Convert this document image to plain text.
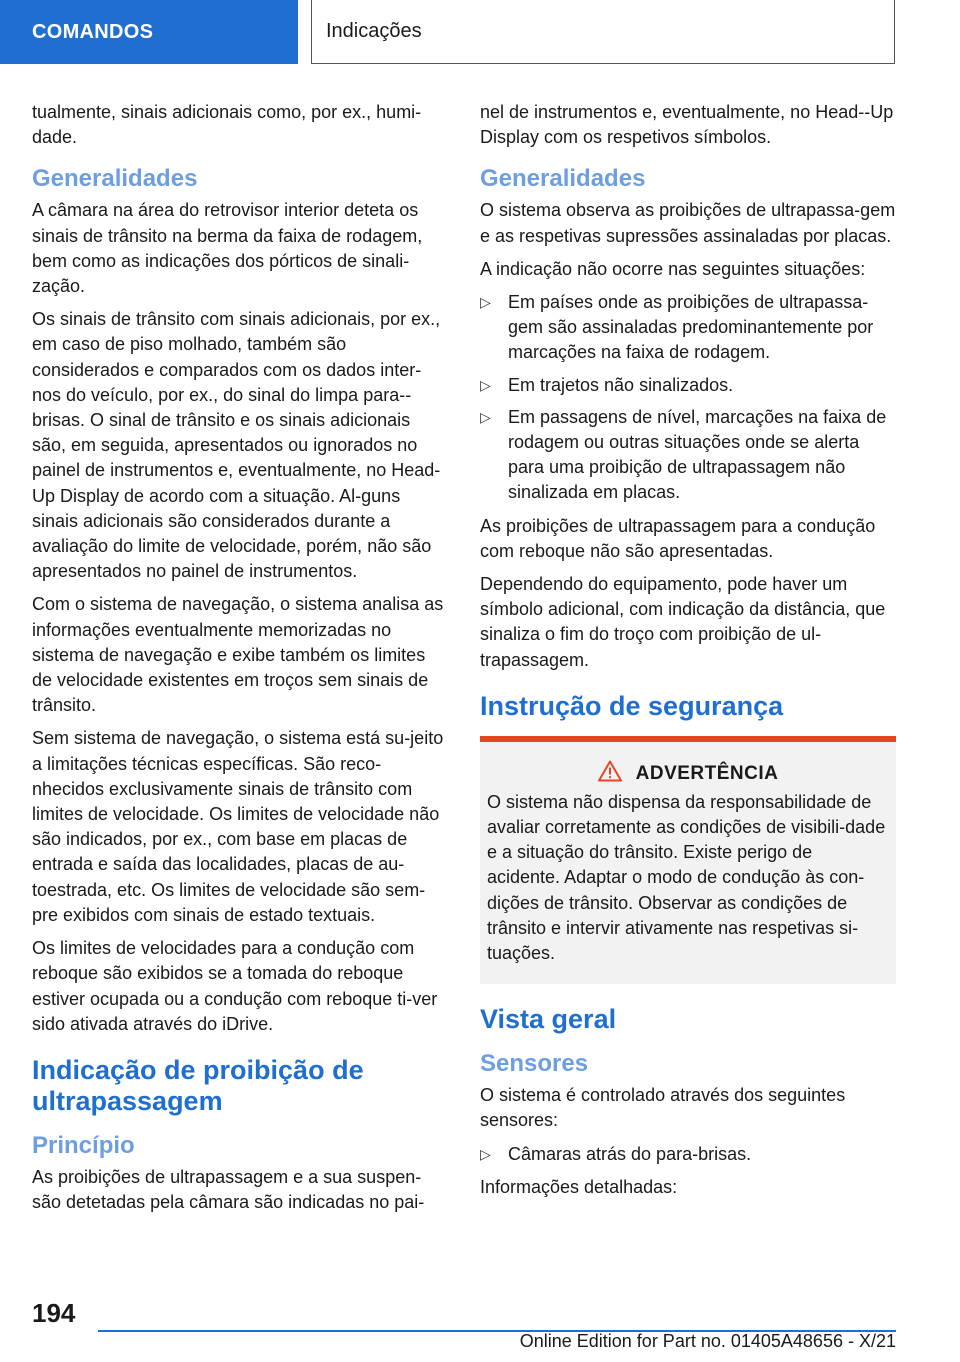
COMANDOS	Indicações

tualmente, sinais adicionais como, por ex., humi-dade.

Generalidades

A câmara na área do retrovisor interior deteta os sinais de trânsito na berma da faixa de rodagem, bem como as indicações dos pórticos de sinali-zação.

Os sinais de trânsito com sinais adicionais, por ex., em caso de piso molhado, também são considerados e comparados com os dados inter-nos do veículo, por ex., do sinal do limpa para--brisas. O sinal de trânsito e os sinais adicionais são, em seguida, apresentados ou ignorados no painel de instrumentos e, eventualmente, no Head-Up Display de acordo com a situação. Al-guns sinais adicionais são considerados durante a avaliação do limite de velocidade, porém, não são apresentados no painel de instrumentos.

Com o sistema de navegação, o sistema analisa as informações eventualmente memorizadas no sistema de navegação e exibe também os limites de velocidade existentes em troços sem sinais de trânsito.

Sem sistema de navegação, o sistema está su-jeito a limitações técnicas específicas. São reco-nhecidos exclusivamente sinais de trânsito com limites de velocidade. Os limites de velocidade não são indicados, por ex., com base em placas de entrada e saída das localidades, placas de au-toestrada, etc. Os limites de velocidade são sem-pre exibidos com sinais de estado textuais.

Os limites de velocidades para a condução com reboque são exibidos se a tomada do reboque estiver ocupada ou a condução com reboque ti-ver sido ativada através do iDrive.

Indicação de proibição de ultrapassagem
Princípio

As proibições de ultrapassagem e a sua suspen-são detetadas pela câmara são indicadas no pai-

nel de instrumentos e, eventualmente, no Head--Up Display com os respetivos símbolos.

Generalidades

O sistema observa as proibições de ultrapassa-gem e as respetivas supressões assinaladas por placas.

A indicação não ocorre nas seguintes situações:

▷ Em países onde as proibições de ultrapassa-gem são assinaladas predominantemente por marcações na faixa de rodagem.
▷ Em trajetos não sinalizados.
▷ Em passagens de nível, marcações na faixa de rodagem ou outras situações onde se alerta para uma proibição de ultrapassagem não sinalizada em placas.

As proibições de ultrapassagem para a condução com reboque não são apresentadas.

Dependendo do equipamento, pode haver um símbolo adicional, com indicação da distância, que sinaliza o fim do troço com proibição de ul-trapassagem.

Instrução de segurança
ADVERTÊNCIA

O sistema não dispensa da responsabilidade de avaliar corretamente as condições de visibili-dade e a situação do trânsito. Existe perigo de acidente. Adaptar o modo de condução às con-dições de trânsito. Observar as condições de trânsito e intervir ativamente nas respetivas si-tuações.

Vista geral
Sensores

O sistema é controlado através dos seguintes sensores:

▷ Câmaras atrás do para-brisas.

Informações detalhadas:

194
Online Edition for Part no. 01405A48656 - X/21
